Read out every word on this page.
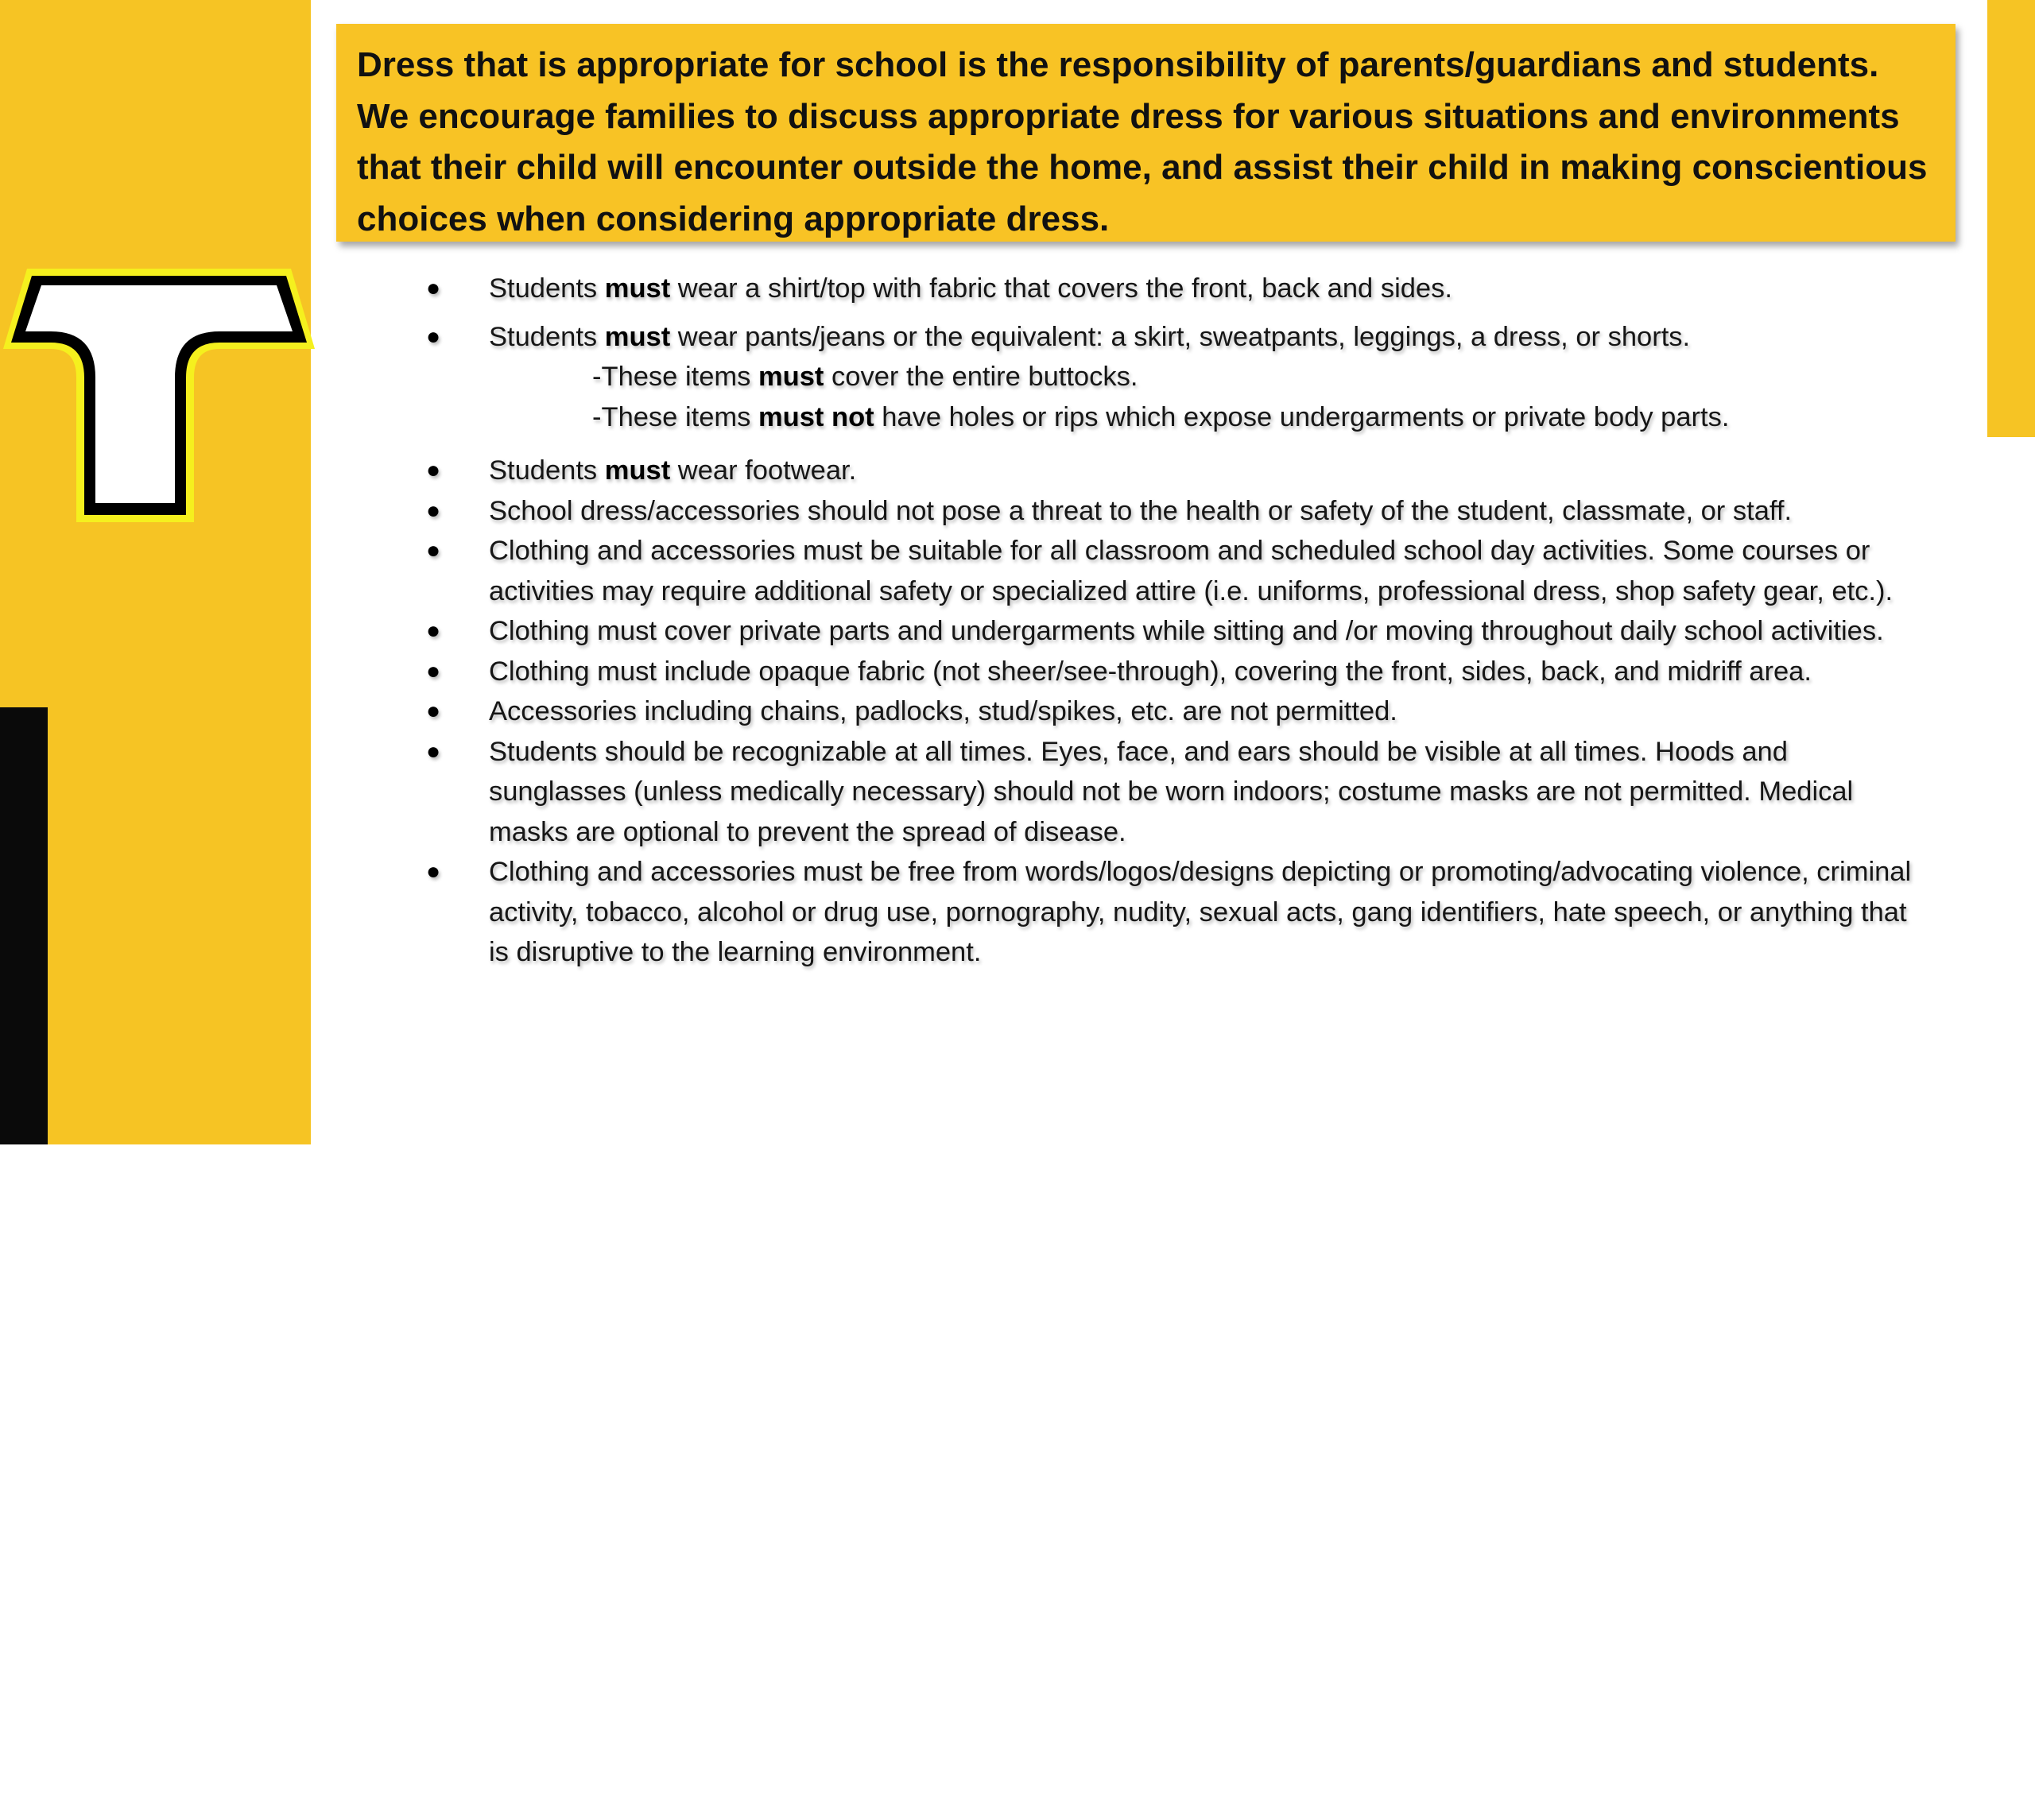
SLIDESMANIA.COM
Dress that is appropriate for school is the responsibility of parents/guardians and students. We encourage families to discuss appropriate dress for various situations and environments that their child will encounter outside the home, and assist their child in making conscientious choices when considering appropriate dress.
● Students must wear a shirt/top with fabric that covers the front, back and sides.
● Students must wear pants/jeans or the equivalent: a skirt, sweatpants, leggings, a dress, or shorts.
-These items must cover the entire buttocks.
-These items must not have holes or rips which expose undergarments or private body parts.
● Students must wear footwear.
● School dress/accessories should not pose a threat to the health or safety of the student, classmate, or staff.
● Clothing and accessories must be suitable for all classroom and scheduled school day activities. Some courses or activities may require additional safety or specialized attire (i.e. uniforms, professional dress, shop safety gear, etc.).
● Clothing must cover private parts and undergarments while sitting and /or moving throughout daily school activities.
● Clothing must include opaque fabric (not sheer/see-through), covering the front, sides, back, and midriff area.
● Accessories including chains, padlocks, stud/spikes, etc. are not permitted.
● Students should be recognizable at all times. Eyes, face, and ears should be visible at all times. Hoods and sunglasses (unless medically necessary) should not be worn indoors; costume masks are not permitted. Medical masks are optional to prevent the spread of disease.
● Clothing and accessories must be free from words/logos/designs depicting or promoting/advocating violence, criminal activity, tobacco, alcohol or drug use, pornography, nudity, sexual acts, gang identifiers, hate speech, or anything that is disruptive to the learning environment.
